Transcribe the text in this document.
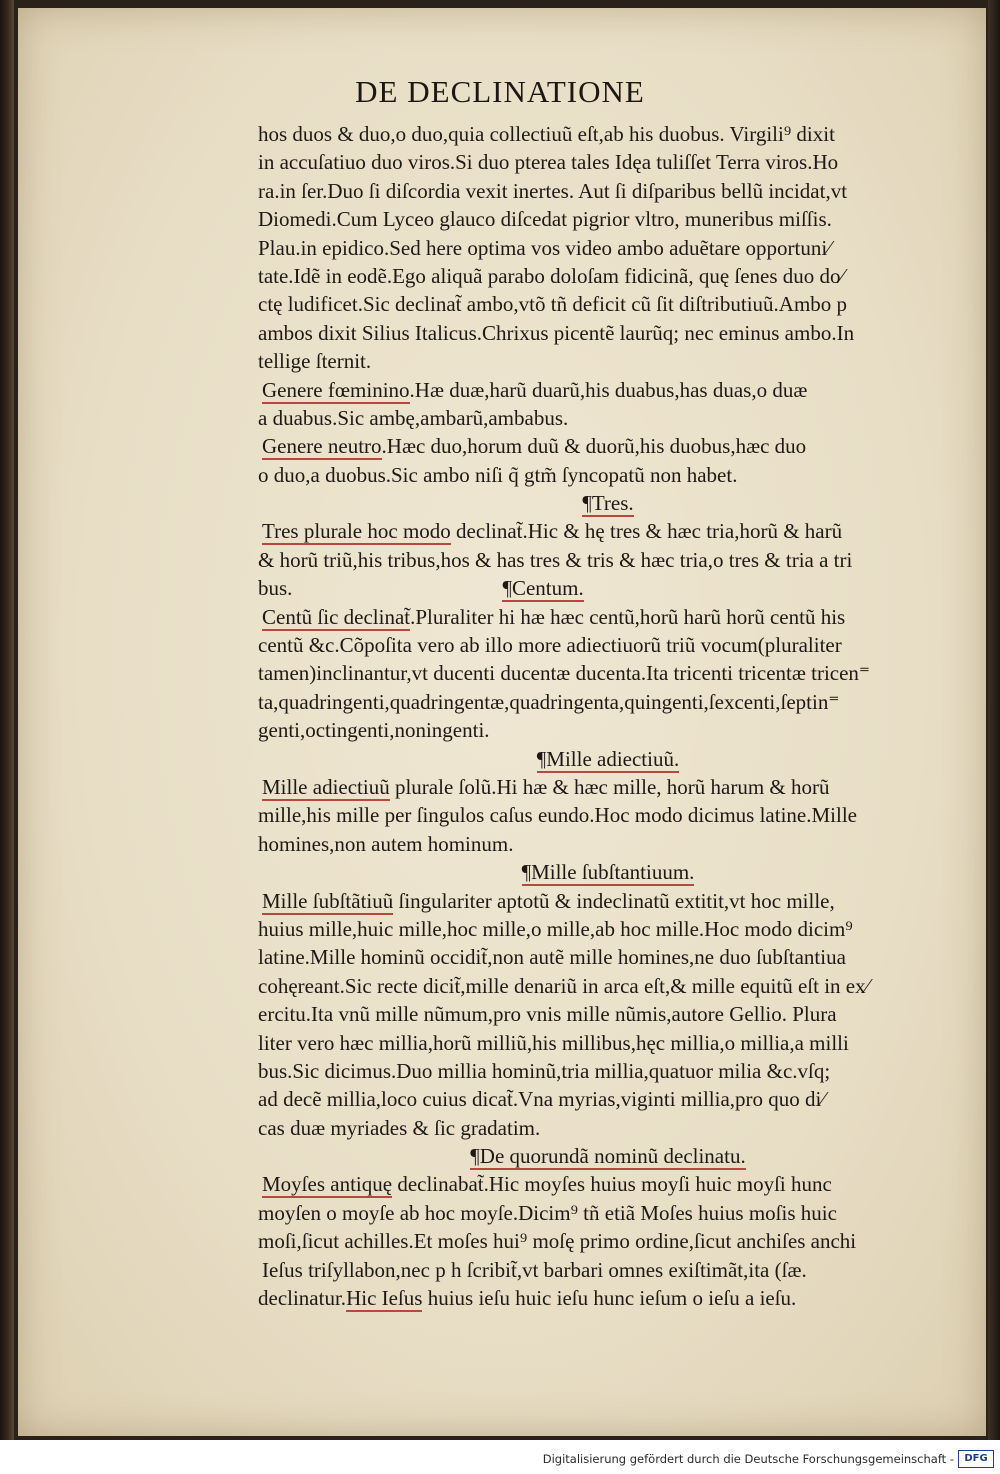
DE DECLINATIONE
hos duos & duo,o duo,quia collectiuũ eſt,ab his duobus. Virgili⁹ dixit
in accuſatiuo duo viros.Si duo pterea tales Idęa tuliſſet Terra viros.Ho
ra.in ſer.Duo ſi diſcordia vexit inertes. Aut ſi diſparibus bellũ incidat,vt
Diomedi.Cum Lyceo glauco diſcedat pigrior vltro, muneribus miſſis.
Plau.in epidico.Sed here optima vos video ambo aduẽtare opportuni⁄
tate.Idẽ in eodẽ.Ego aliquã parabo doloſam fidicinã, quę ſenes duo do⁄
ctę ludificet.Sic declinat̃ ambo,vtõ tñ deficit cũ ſit diſtributiuũ.Ambo p
ambos dixit Silius Italicus.Chrixus picentẽ laurũq; nec eminus ambo.In
tellige ſternit.
Genere fœminino.Hæ duæ,harũ duarũ,his duabus,has duas,o duæ
a duabus.Sic ambę,ambarũ,ambabus.
Genere neutro.Hæc duo,horum duũ & duorũ,his duobus,hæc duo
o duo,a duobus.Sic ambo niſi q̃ gtm̃ ſyncopatũ non habet.
¶Tres.
Tres plurale hoc modo declinat̃.Hic & hę tres & hæc tria,horũ & harũ
& horũ triũ,his tribus,hos & has tres & tris & hæc tria,o tres & tria a tri
bus.	¶Centum.
Centũ ſic declinat̃.Pluraliter hi hæ hæc centũ,horũ harũ horũ centũ his
centũ &c.Cõpoſita vero ab illo more adiectiuorũ triũ vocum(pluraliter
tamen)inclinantur,vt ducenti ducentæ ducenta.Ita tricenti tricentæ tricen⁼
ta,quadringenti,quadringentæ,quadringenta,quingenti,ſexcenti,ſeptin⁼
genti,octingenti,noningenti.
¶Mille adiectiuũ.
Mille adiectiuũ plurale ſolũ.Hi hæ & hæc mille, horũ harum & horũ
mille,his mille per ſingulos caſus eundo.Hoc modo dicimus latine.Mille
homines,non autem hominum.
¶Mille ſubſtantiuum.
Mille ſubſtãtiuũ ſingulariter aptotũ & indeclinatũ extitit,vt hoc mille,
huius mille,huic mille,hoc mille,o mille,ab hoc mille.Hoc modo dicim⁹
latine.Mille hominũ occidit̃,non autẽ mille homines,ne duo ſubſtantiua
cohęreant.Sic recte dicit̃,mille denariũ in arca eſt,& mille equitũ eſt in ex⁄
ercitu.Ita vnũ mille nũmum,pro vnis mille nũmis,autore Gellio. Plura
liter vero hæc millia,horũ milliũ,his millibus,hęc millia,o millia,a milli
bus.Sic dicimus.Duo millia hominũ,tria millia,quatuor milia &c.vſq;
ad decẽ millia,loco cuius dicat̃.Vna myrias,viginti millia,pro quo di⁄
cas duæ myriades & ſic gradatim.
¶De quorundã nominũ declinatu.
Moyſes antiquę declinabat̃.Hic moyſes huius moyſi huic moyſi hunc
moyſen o moyſe ab hoc moyſe.Dicim⁹ tñ etiã Moſes huius moſis huic
moſi,ſicut achilles.Et moſes hui⁹ moſę primo ordine,ſicut anchiſes anchi
Ieſus triſyllabon,nec p h ſcribit̃,vt barbari omnes exiſtimãt,ita (ſæ.
declinatur.Hic Ieſus huius ieſu huic ieſu hunc ieſum o ieſu a ieſu.
Digitalisierung gefördert durch die Deutsche Forschungsgemeinschaft -	DFG
